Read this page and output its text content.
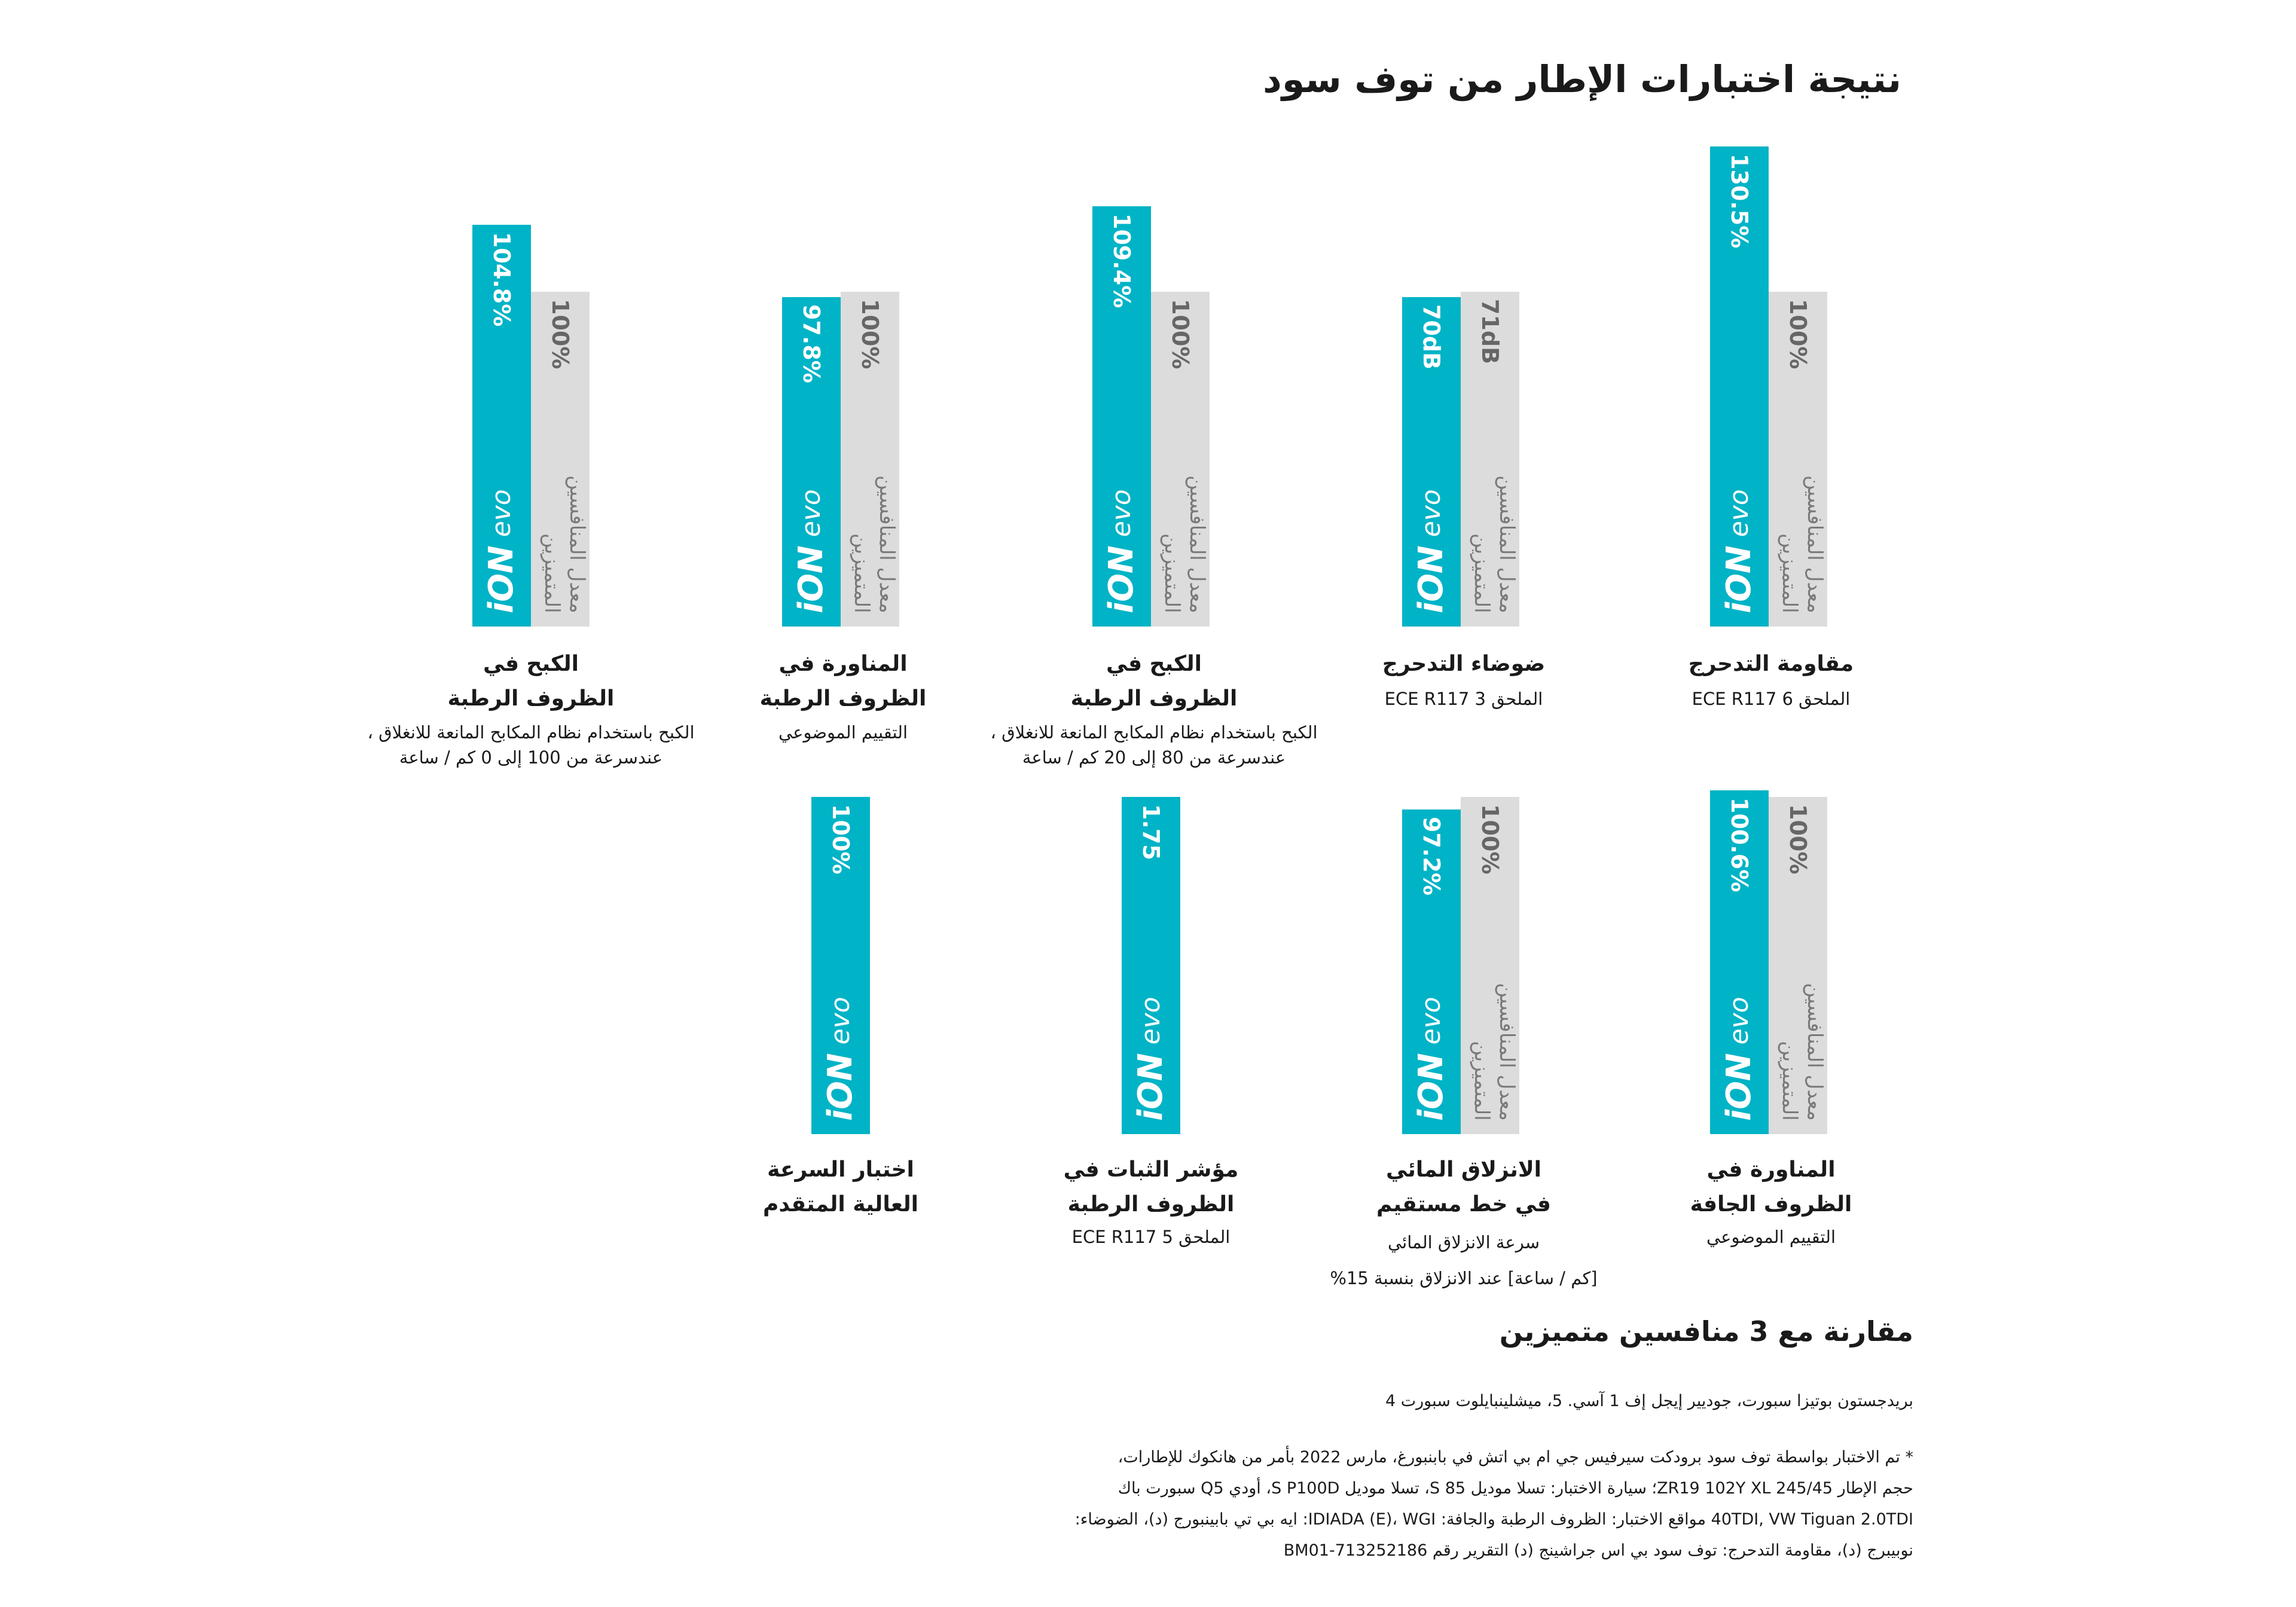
نتيجة اختبارات الإطار من توف سود
130.5%
iON evo
100%
معدل المنافسين
المتميزين
مقاومة التدحرج
الملحق 6 ECE R117
70dB
iON evo
71dB
معدل المنافسين
المتميزين
ضوضاء التدحرج
الملحق 3 ECE R117
109.4%
iON evo
100%
معدل المنافسين
المتميزين
الكبح في
الظروف الرطبة
الكبح باستخدام نظام المكابح المانعة للانغلاق ،
عندسرعة من 80 إلى 20 كم / ساعة
97.8%
iON evo
100%
معدل المنافسين
المتميزين
المناورة في
الظروف الرطبة
التقييم الموضوعي
104.8%
iON evo
100%
معدل المنافسين
المتميزين
الكبح في
الظروف الرطبة
الكبح باستخدام نظام المكابح المانعة للانغلاق ،
عندسرعة من 100 إلى 0 كم / ساعة
100.6%
iON evo
100%
معدل المنافسين
المتميزين
المناورة في
الظروف الجافة
التقييم الموضوعي
97.2%
iON evo
100%
معدل المنافسين
المتميزين
الانزلاق المائي
في خط مستقيم
سرعة الانزلاق المائي
[كم / ساعة] عند الانزلاق بنسبة 15%
1.75
iON evo
مؤشر الثبات في
الظروف الرطبة
الملحق 5 ECE R117
100%
iON evo
اختبار السرعة
العالية المتقدم
مقارنة مع 3 منافسين متميزين
بريدجستون بوتيزا سبورت، جوديير إيجل إف 1 آسي. 5، ميشلينبايلوت سبورت 4
* تم الاختبار بواسطة توف سود برودكت سيرفيس جي ام بي اتش في بابنبورغ، مارس 2022 بأمر من هانكوك للإطارات،
حجم الإطار 245/45 ZR19 102Y XL؛ سيارة الاختبار: تسلا موديل S 85، تسلا موديل S P100D، أودي Q5 سبورت باك
40TDI, VW Tiguan 2.0TDI مواقع الاختبار: الظروف الرطبة والجافة: IDIADA (E)، WGI: ايه بي تي بابينبورج (د)، الضوضاء:
نوبيبرج (د)، مقاومة التدحرج: توف سود بي اس جراشينج (د) التقرير رقم 713252186-BM01
